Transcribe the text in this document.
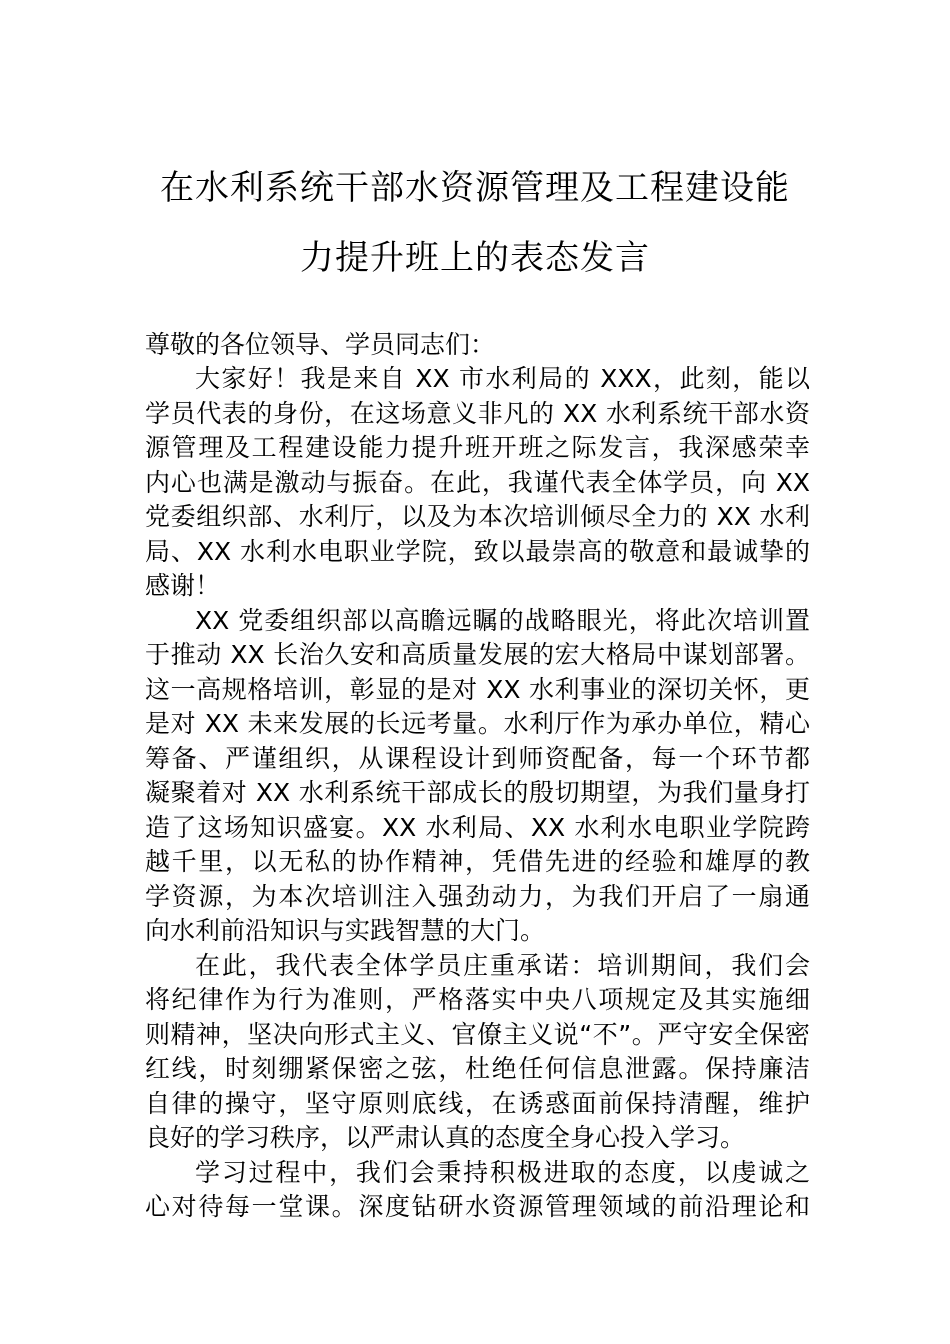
在水利系统干部水资源管理及工程建设能
力提升班上的表态发言
尊敬的各位领导、学员同志们：
大家好！我是来自 XX 市水利局的 XXX，此刻，能以
学员代表的身份，在这场意义非凡的 XX 水利系统干部水资
源管理及工程建设能力提升班开班之际发言，我深感荣幸
内心也满是激动与振奋。在此，我谨代表全体学员，向 XX
党委组织部、水利厅，以及为本次培训倾尽全力的 XX 水利
局、XX 水利水电职业学院，致以最崇高的敬意和最诚挚的
感谢！
XX 党委组织部以高瞻远瞩的战略眼光，将此次培训置
于推动 XX 长治久安和高质量发展的宏大格局中谋划部署。
这一高规格培训，彰显的是对 XX 水利事业的深切关怀，更
是对 XX 未来发展的长远考量。水利厅作为承办单位，精心
筹备、严谨组织，从课程设计到师资配备，每一个环节都
凝聚着对 XX 水利系统干部成长的殷切期望，为我们量身打
造了这场知识盛宴。XX 水利局、XX 水利水电职业学院跨
越千里，以无私的协作精神，凭借先进的经验和雄厚的教
学资源，为本次培训注入强劲动力，为我们开启了一扇通
向水利前沿知识与实践智慧的大门。
在此，我代表全体学员庄重承诺：培训期间，我们会
将纪律作为行为准则，严格落实中央八项规定及其实施细
则精神，坚决向形式主义、官僚主义说“不”。严守安全保密
红线，时刻绷紧保密之弦，杜绝任何信息泄露。保持廉洁
自律的操守，坚守原则底线，在诱惑面前保持清醒，维护
良好的学习秩序，以严肃认真的态度全身心投入学习。
学习过程中，我们会秉持积极进取的态度，以虔诚之
心对待每一堂课。深度钻研水资源管理领域的前沿理论和
